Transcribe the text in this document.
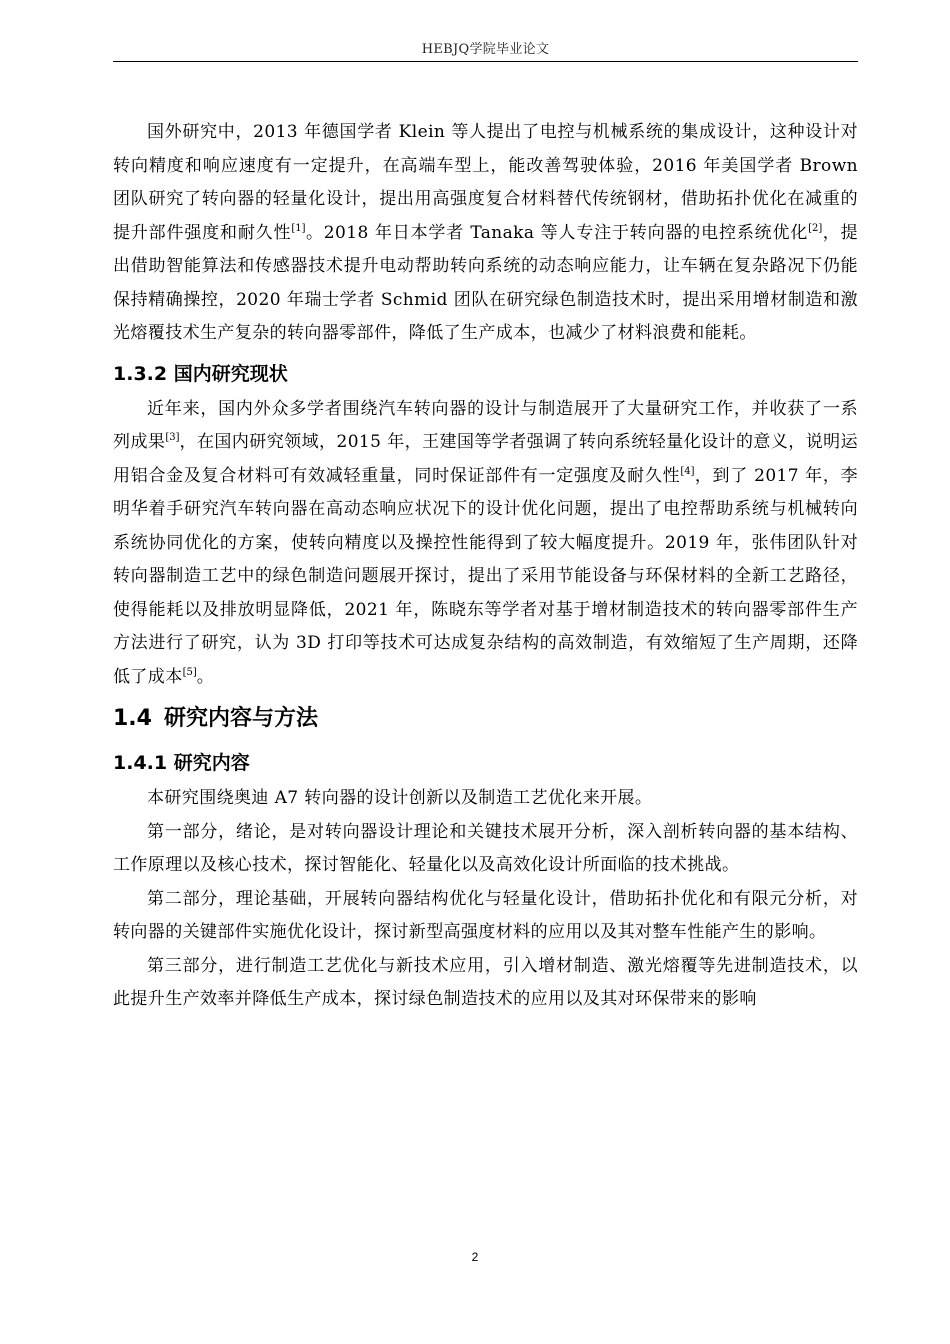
HEBJQ学院毕业论文

国外研究中，2013 年德国学者 Klein 等人提出了电控与机械系统的集成设计，这种设计对转向精度和响应速度有一定提升，在高端车型上，能改善驾驶体验，2016 年美国学者 Brown 团队研究了转向器的轻量化设计，提出用高强度复合材料替代传统钢材，借助拓扑优化在减重的提升部件强度和耐久性[1]。2018 年日本学者 Tanaka 等人专注于转向器的电控系统优化[2]，提出借助智能算法和传感器技术提升电动帮助转向系统的动态响应能力，让车辆在复杂路况下仍能保持精确操控，2020 年瑞士学者 Schmid 团队在研究绿色制造技术时，提出采用增材制造和激光熔覆技术生产复杂的转向器零部件，降低了生产成本，也减少了材料浪费和能耗。

1.3.2 国内研究现状

近年来，国内外众多学者围绕汽车转向器的设计与制造展开了大量研究工作，并收获了一系列成果[3]，在国内研究领域，2015 年，王建国等学者强调了转向系统轻量化设计的意义，说明运用铝合金及复合材料可有效减轻重量，同时保证部件有一定强度及耐久性[4]，到了 2017 年，李明华着手研究汽车转向器在高动态响应状况下的设计优化问题，提出了电控帮助系统与机械转向系统协同优化的方案，使转向精度以及操控性能得到了较大幅度提升。2019 年，张伟团队针对转向器制造工艺中的绿色制造问题展开探讨，提出了采用节能设备与环保材料的全新工艺路径，使得能耗以及排放明显降低，2021 年，陈晓东等学者对基于增材制造技术的转向器零部件生产方法进行了研究，认为 3D 打印等技术可达成复杂结构的高效制造，有效缩短了生产周期，还降低了成本[5]。

1.4 研究内容与方法
1.4.1 研究内容

本研究围绕奥迪 A7 转向器的设计创新以及制造工艺优化来开展。

第一部分，绪论，是对转向器设计理论和关键技术展开分析，深入剖析转向器的基本结构、工作原理以及核心技术，探讨智能化、轻量化以及高效化设计所面临的技术挑战。

第二部分，理论基础，开展转向器结构优化与轻量化设计，借助拓扑优化和有限元分析，对转向器的关键部件实施优化设计，探讨新型高强度材料的应用以及其对整车性能产生的影响。

第三部分，进行制造工艺优化与新技术应用，引入增材制造、激光熔覆等先进制造技术，以此提升生产效率并降低生产成本，探讨绿色制造技术的应用以及其对环保带来的影响

2
